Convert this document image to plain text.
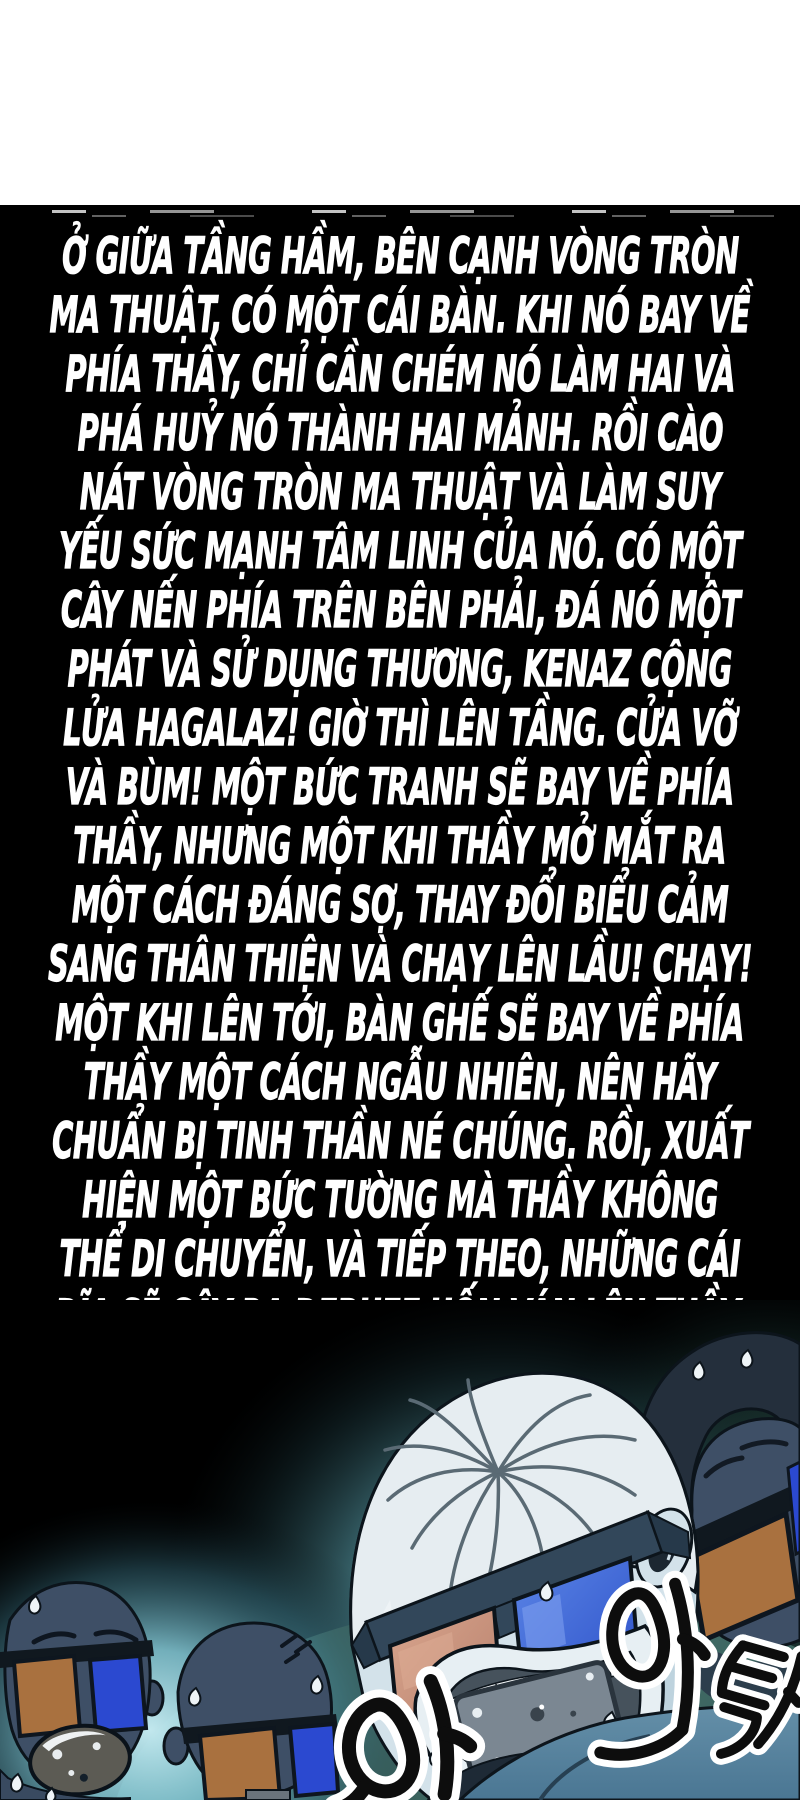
Ở GIỮA TẦNG HẦM, BÊN CẠNH VÒNG TRÒN
MA THUẬT, CÓ MỘT CÁI BÀN. KHI NÓ BAY VỀ
PHÍA THẦY, CHỈ CẦN CHÉM NÓ LÀM HAI VÀ
PHÁ HUỶ NÓ THÀNH HAI MẢNH. RỒI CÀO
NÁT VÒNG TRÒN MA THUẬT VÀ LÀM SUY
YẾU SỨC MẠNH TÂM LINH CỦA NÓ. CÓ MỘT
CÂY NẾN PHÍA TRÊN BÊN PHẢI, ĐÁ NÓ MỘT
PHÁT VÀ SỬ DỤNG THƯƠNG, KENAZ CỘNG
LỬA HAGALAZ! GIỜ THÌ LÊN TẦNG. CỬA VỠ
VÀ BÙM! MỘT BỨC TRANH SẼ BAY VỀ PHÍA
THẦY, NHƯNG MỘT KHI THẦY MỞ MẮT RA
MỘT CÁCH ĐÁNG SỢ, THAY ĐỔI BIỂU CẢM
SANG THÂN THIỆN VÀ CHẠY LÊN LẦU! CHẠY!
MỘT KHI LÊN TỚI, BÀN GHẾ SẼ BAY VỀ PHÍA
THẦY MỘT CÁCH NGẪU NHIÊN, NÊN HÃY
CHUẨN BỊ TINH THẦN NÉ CHÚNG. RỒI, XUẤT
HIỆN MỘT BỨC TƯỜNG MÀ THẦY KHÔNG
THỂ DI CHUYỂN, VÀ TIẾP THEO, NHỮNG CÁI
